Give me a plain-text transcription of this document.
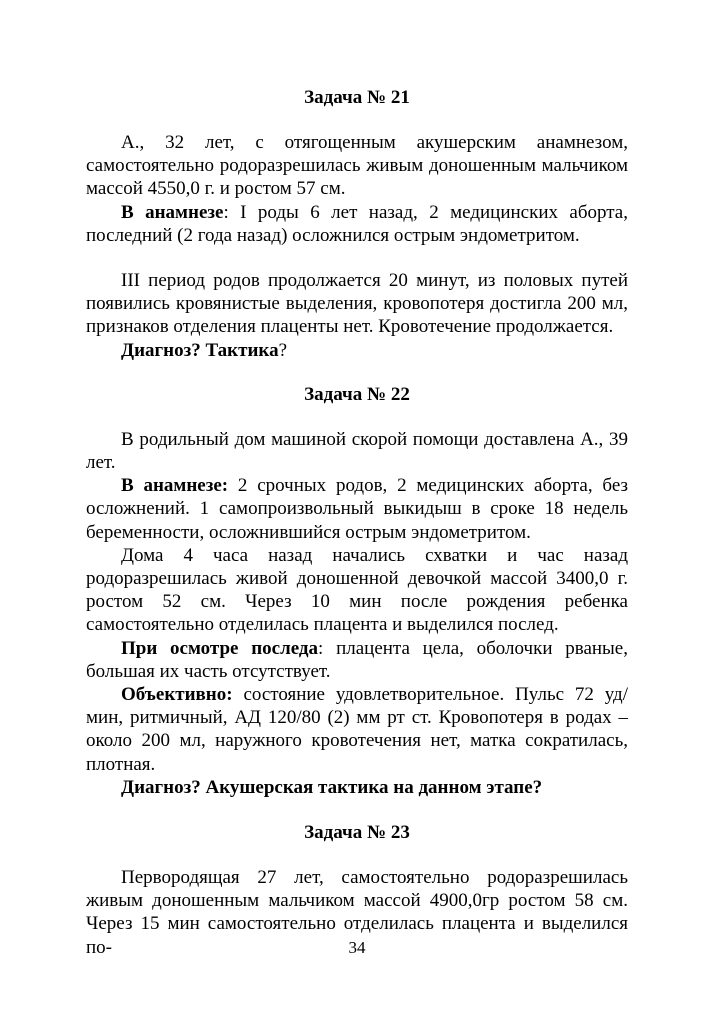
Задача № 21

А., 32 лет, с отягощенным акушерским анамнезом, самостоятельно родоразрешилась живым доношенным мальчиком массой 4550,0 г. и ростом 57 см.

В анамнезе: I роды 6 лет назад, 2 медицинских аборта, последний (2 года назад) осложнился острым эндометритом.

III период родов продолжается 20 минут, из половых путей появились кровянистые выделения, кровопотеря достигла 200 мл, признаков отделения плаценты нет. Кровотечение продолжается.

Диагноз? Тактика?

Задача № 22

В родильный дом машиной скорой помощи доставлена А., 39 лет.

В анамнезе: 2 срочных родов, 2 медицинских аборта, без осложнений. 1 самопроизвольный выкидыш в сроке 18 недель беременности, осложнившийся острым эндометритом.

Дома 4 часа назад начались схватки и час назад родоразрешилась живой доношенной девочкой массой 3400,0 г. ростом 52 см. Через 10 мин после рождения ребенка самостоятельно отделилась плацента и выделился послед.

При осмотре последа: плацента цела, оболочки рваные, большая их часть отсутствует.

Объективно: состояние удовлетворительное. Пульс 72 уд/мин, ритмичный, АД 120/80 (2) мм рт ст. Кровопотеря в родах – около 200 мл, наружного кровотечения нет, матка сократилась, плотная.

Диагноз? Акушерская тактика на данном этапе?

Задача № 23

Первородящая 27 лет, самостоятельно родоразрешилась живым доношенным мальчиком массой 4900,0гр ростом 58 см. Через 15 мин самостоятельно отделилась плацента и выделился по-	34
